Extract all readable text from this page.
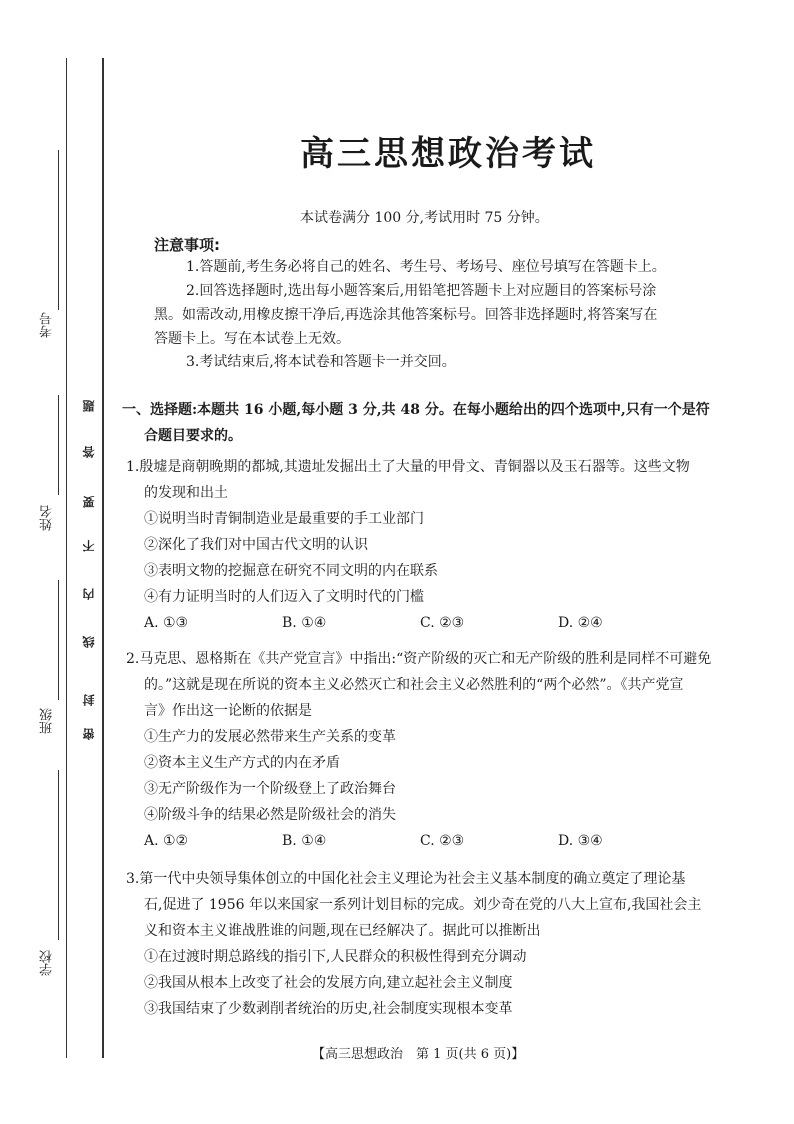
考号
姓名
班级
学校
密
封
线
内
不
要
答
题
高三思想政治考试
本试卷满分 100 分,考试用时 75 分钟。
注意事项:
1.答题前,考生务必将自己的姓名、考生号、考场号、座位号填写在答题卡上。
2.回答选择题时,选出每小题答案后,用铅笔把答题卡上对应题目的答案标号涂
黑。如需改动,用橡皮擦干净后,再选涂其他答案标号。回答非选择题时,将答案写在
答题卡上。写在本试卷上无效。
3.考试结束后,将本试卷和答题卡一并交回。
一、选择题:本题共 16 小题,每小题 3 分,共 48 分。在每小题给出的四个选项中,只有一个是符
合题目要求的。
1.殷墟是商朝晚期的都城,其遗址发掘出土了大量的甲骨文、青铜器以及玉石器等。这些文物
的发现和出土
①说明当时青铜制造业是最重要的手工业部门
②深化了我们对中国古代文明的认识
③表明文物的挖掘意在研究不同文明的内在联系
④有力证明当时的人们迈入了文明时代的门槛
A. ①③	B. ①④	C. ②③	D. ②④
2.马克思、恩格斯在《共产党宣言》中指出:“资产阶级的灭亡和无产阶级的胜利是同样不可避免
的。”这就是现在所说的资本主义必然灭亡和社会主义必然胜利的“两个必然”。《共产党宣
言》作出这一论断的依据是
①生产力的发展必然带来生产关系的变革
②资本主义生产方式的内在矛盾
③无产阶级作为一个阶级登上了政治舞台
④阶级斗争的结果必然是阶级社会的消失
A. ①②	B. ①④	C. ②③	D. ③④
3.第一代中央领导集体创立的中国化社会主义理论为社会主义基本制度的确立奠定了理论基
石,促进了 1956 年以来国家一系列计划目标的完成。刘少奇在党的八大上宣布,我国社会主
义和资本主义谁战胜谁的问题,现在已经解决了。据此可以推断出
①在过渡时期总路线的指引下,人民群众的积极性得到充分调动
②我国从根本上改变了社会的发展方向,建立起社会主义制度
③我国结束了少数剥削者统治的历史,社会制度实现根本变革
【高三思想政治　第 1 页(共 6 页)】
